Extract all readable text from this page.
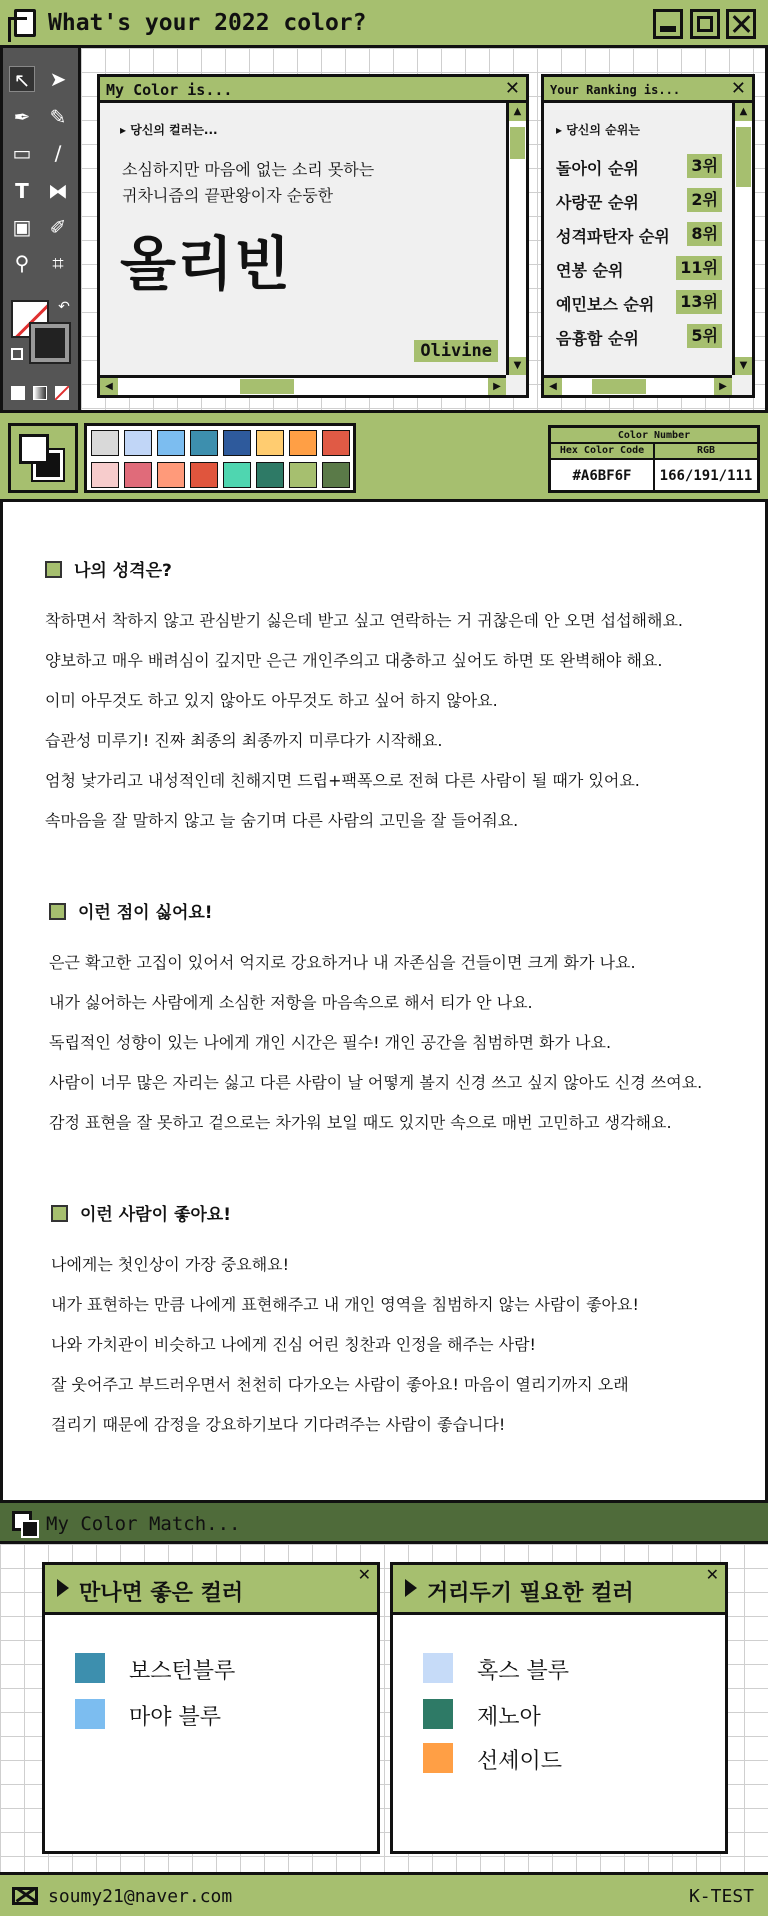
What's your 2022 color?
↖ ➤
✒ ✎
▭	∕
T ⧓
▣ ✐
⚲	⌗
↶
My Color is...	✕
▸ 당신의 컬러는...
소심하지만 마음에 없는 소리 못하는
귀차니즘의 끝판왕이자 순둥한
올리빈
Olivine
▲
▼
◀	▶
Your Ranking is...	✕
▸ 당신의 순위는
돌아이 순위	3위
사랑꾼 순위	2위
성격파탄자 순위 8위
연봉 순위	11위
예민보스 순위 13위
음흉함 순위	5위
▲
▼
◀	▶
Color Number
Hex Color Code	RGB
#A6BF6F	166/191/111
나의 성격은?
착하면서 착하지 않고 관심받기 싫은데 받고 싶고 연락하는 거 귀찮은데 안 오면 섭섭해해요.
양보하고 매우 배려심이 깊지만 은근 개인주의고 대충하고 싶어도 하면 또 완벽해야 해요.
이미 아무것도 하고 있지 않아도 아무것도 하고 싶어 하지 않아요.
습관성 미루기! 진짜 최종의 최종까지 미루다가 시작해요.
엄청 낯가리고 내성적인데 친해지면 드립+팩폭으로 전혀 다른 사람이 될 때가 있어요.
속마음을 잘 말하지 않고 늘 숨기며 다른 사람의 고민을 잘 들어줘요.
이런 점이 싫어요!
은근 확고한 고집이 있어서 억지로 강요하거나 내 자존심을 건들이면 크게 화가 나요.
내가 싫어하는 사람에게 소심한 저항을 마음속으로 해서 티가 안 나요.
독립적인 성향이 있는 나에게 개인 시간은 필수! 개인 공간을 침범하면 화가 나요.
사람이 너무 많은 자리는 싫고 다른 사람이 날 어떻게 볼지 신경 쓰고 싶지 않아도 신경 쓰여요.
감정 표현을 잘 못하고 겉으로는 차가워 보일 때도 있지만 속으로 매번 고민하고 생각해요.
이런 사람이 좋아요!
나에게는 첫인상이 가장 중요해요!
내가 표현하는 만큼 나에게 표현해주고 내 개인 영역을 침범하지 않는 사람이 좋아요!
나와 가치관이 비슷하고 나에게 진심 어린 칭찬과 인정을 해주는 사람!
잘 웃어주고 부드러우면서 천천히 다가오는 사람이 좋아요! 마음이 열리기까지 오래
걸리기 때문에 감정을 강요하기보다 기다려주는 사람이 좋습니다!
My Color Match...
만나면 좋은 컬러
✕
보스턴블루
마야 블루
거리두기 필요한 컬러
✕
혹스 블루
제노아
선셰이드
soumy21@naver.com	K-TEST
